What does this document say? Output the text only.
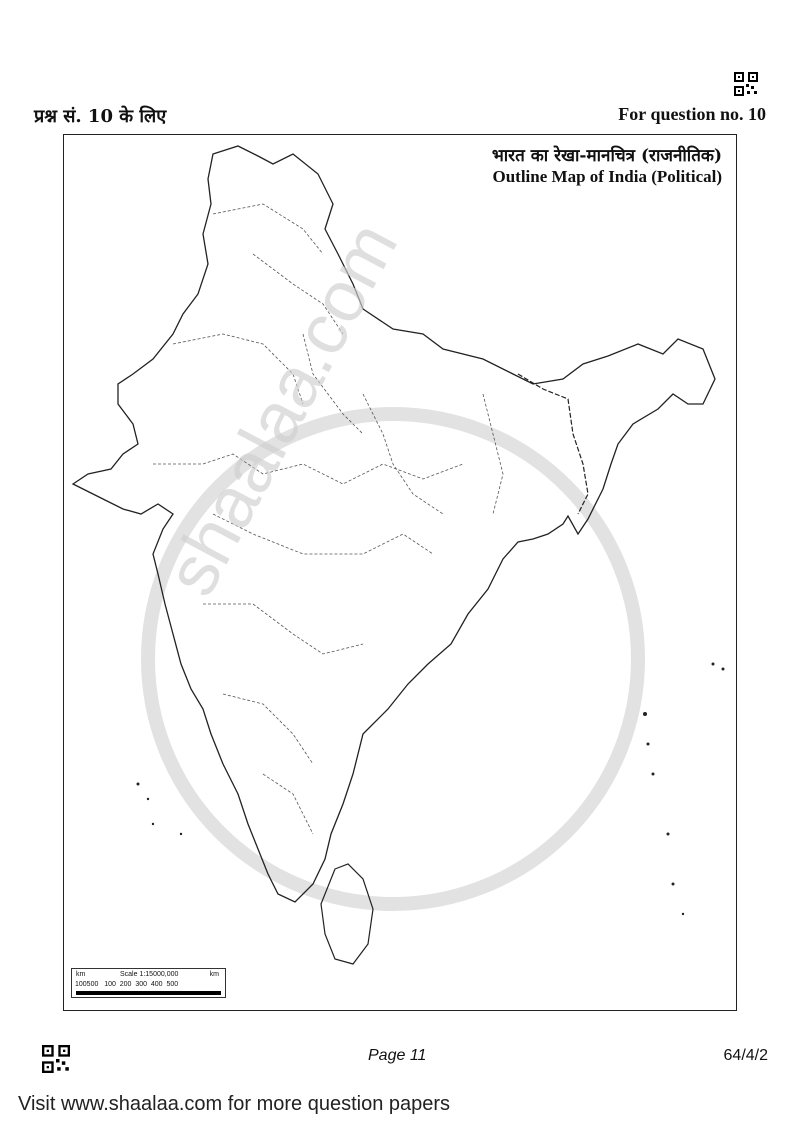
प्रश्न सं. 10 के लिए	For question no. 10
भारत का रेखा-मानचित्र (राजनीतिक)
Outline Map of India (Political)
shaalaa.com
km	Scale 1:15000,000	km
100500   100  200  300  400  500
Page 11	64/4/2
Visit www.shaalaa.com for more question papers
